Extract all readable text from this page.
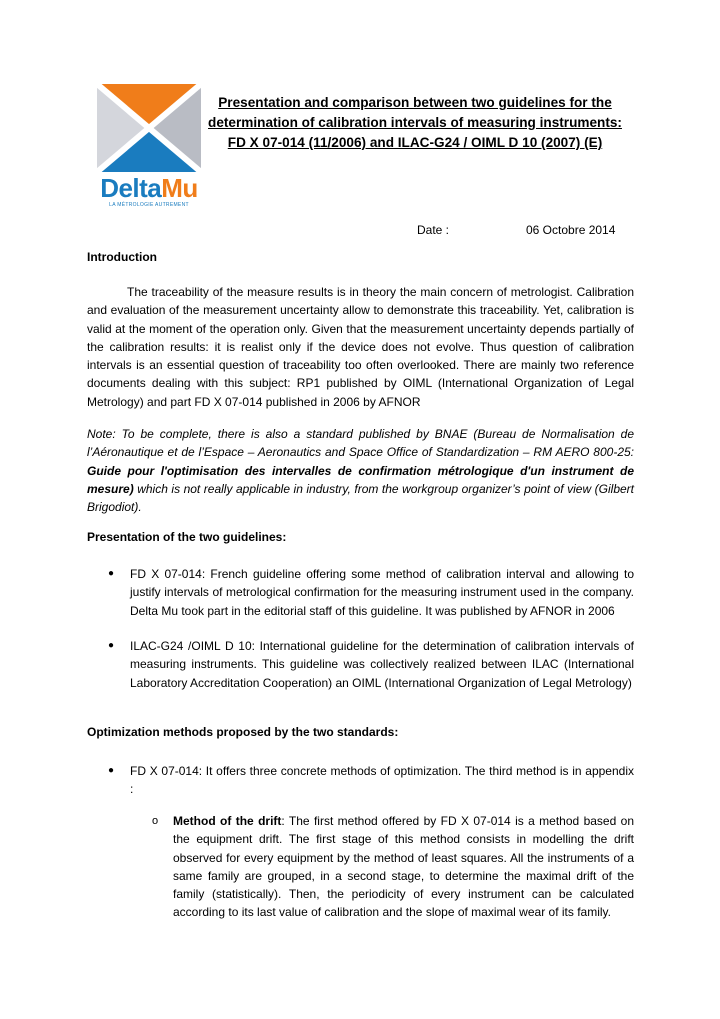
DeltaMu
LA MÉTROLOGIE AUTREMENT
Presentation and comparison between two guidelines for the determination of calibration intervals of measuring instruments: FD X 07-014 (11/2006) and ILAC-G24 / OIML D 10 (2007) (E)
Date :	06 Octobre 2014
Introduction
The traceability of the measure results is in theory the main concern of metrologist. Calibration and evaluation of the measurement uncertainty allow to demonstrate this traceability. Yet, calibration is valid at the moment of the operation only. Given that the measurement uncertainty depends partially of the calibration results: it is realist only if the device does not evolve. Thus question of calibration intervals is an essential question of traceability too often overlooked. There are mainly two reference documents dealing with this subject: RP1 published by OIML (International Organization of Legal Metrology) and part FD X 07-014 published in 2006 by AFNOR
Note: To be complete, there is also a standard published by BNAE (Bureau de Normalisation de l’Aéronautique et de l’Espace – Aeronautics and Space Office of Standardization – RM AERO 800-25: Guide pour l'optimisation des intervalles de confirmation métrologique d'un instrument de mesure) which is not really applicable in industry, from the workgroup organizer’s point of view (Gilbert Brigodiot).
Presentation of the two guidelines:
● FD X 07-014: French guideline offering some method of calibration interval and allowing to justify intervals of metrological confirmation for the measuring instrument used in the company. Delta Mu took part in the editorial staff of this guideline. It was published by AFNOR in 2006
● ILAC-G24 /OIML D 10: International guideline for the determination of calibration intervals of measuring instruments. This guideline was collectively realized between ILAC (International Laboratory Accreditation Cooperation) an OIML (International Organization of Legal Metrology)
Optimization methods proposed by the two standards:
● FD X 07-014: It offers three concrete methods of optimization. The third method is in appendix :
o Method of the drift: The first method offered by FD X 07-014 is a method based on the equipment drift. The first stage of this method consists in modelling the drift observed for every equipment by the method of least squares. All the instruments of a same family are grouped, in a second stage, to determine the maximal drift of the family (statistically). Then, the periodicity of every instrument can be calculated according to its last value of calibration and the slope of maximal wear of its family.
